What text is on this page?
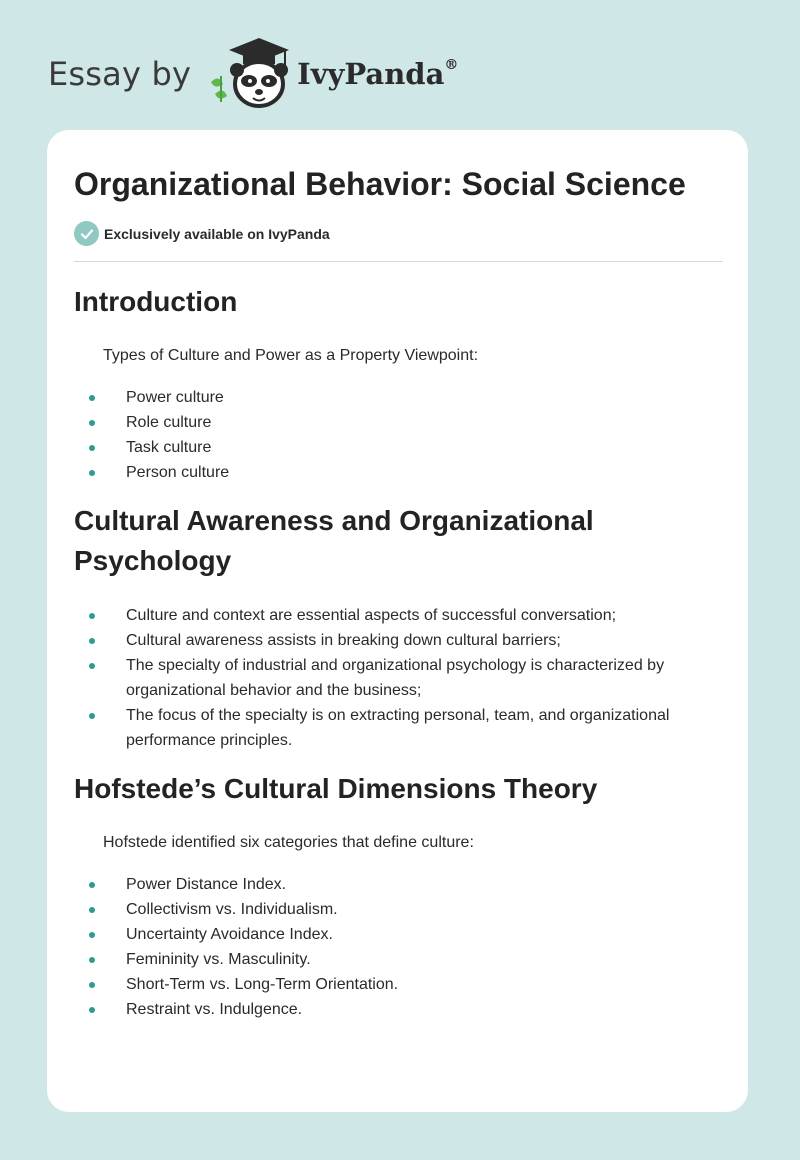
Essay by	IvyPanda®
Organizational Behavior: Social Science
Exclusively available on IvyPanda
Introduction

Types of Culture and Power as a Property Viewpoint:

Power culture
Role culture
Task culture
Person culture
Cultural Awareness and Organizational
Psychology
Culture and context are essential aspects of successful conversation;
Cultural awareness assists in breaking down cultural barriers;
The specialty of industrial and organizational psychology is characterized by organizational behavior and the business;
The focus of the specialty is on extracting personal, team, and organizational performance principles.
Hofstede’s Cultural Dimensions Theory

Hofstede identified six categories that define culture:

Power Distance Index.
Collectivism vs. Individualism.
Uncertainty Avoidance Index.
Femininity vs. Masculinity.
Short-Term vs. Long-Term Orientation.
Restraint vs. Indulgence.
